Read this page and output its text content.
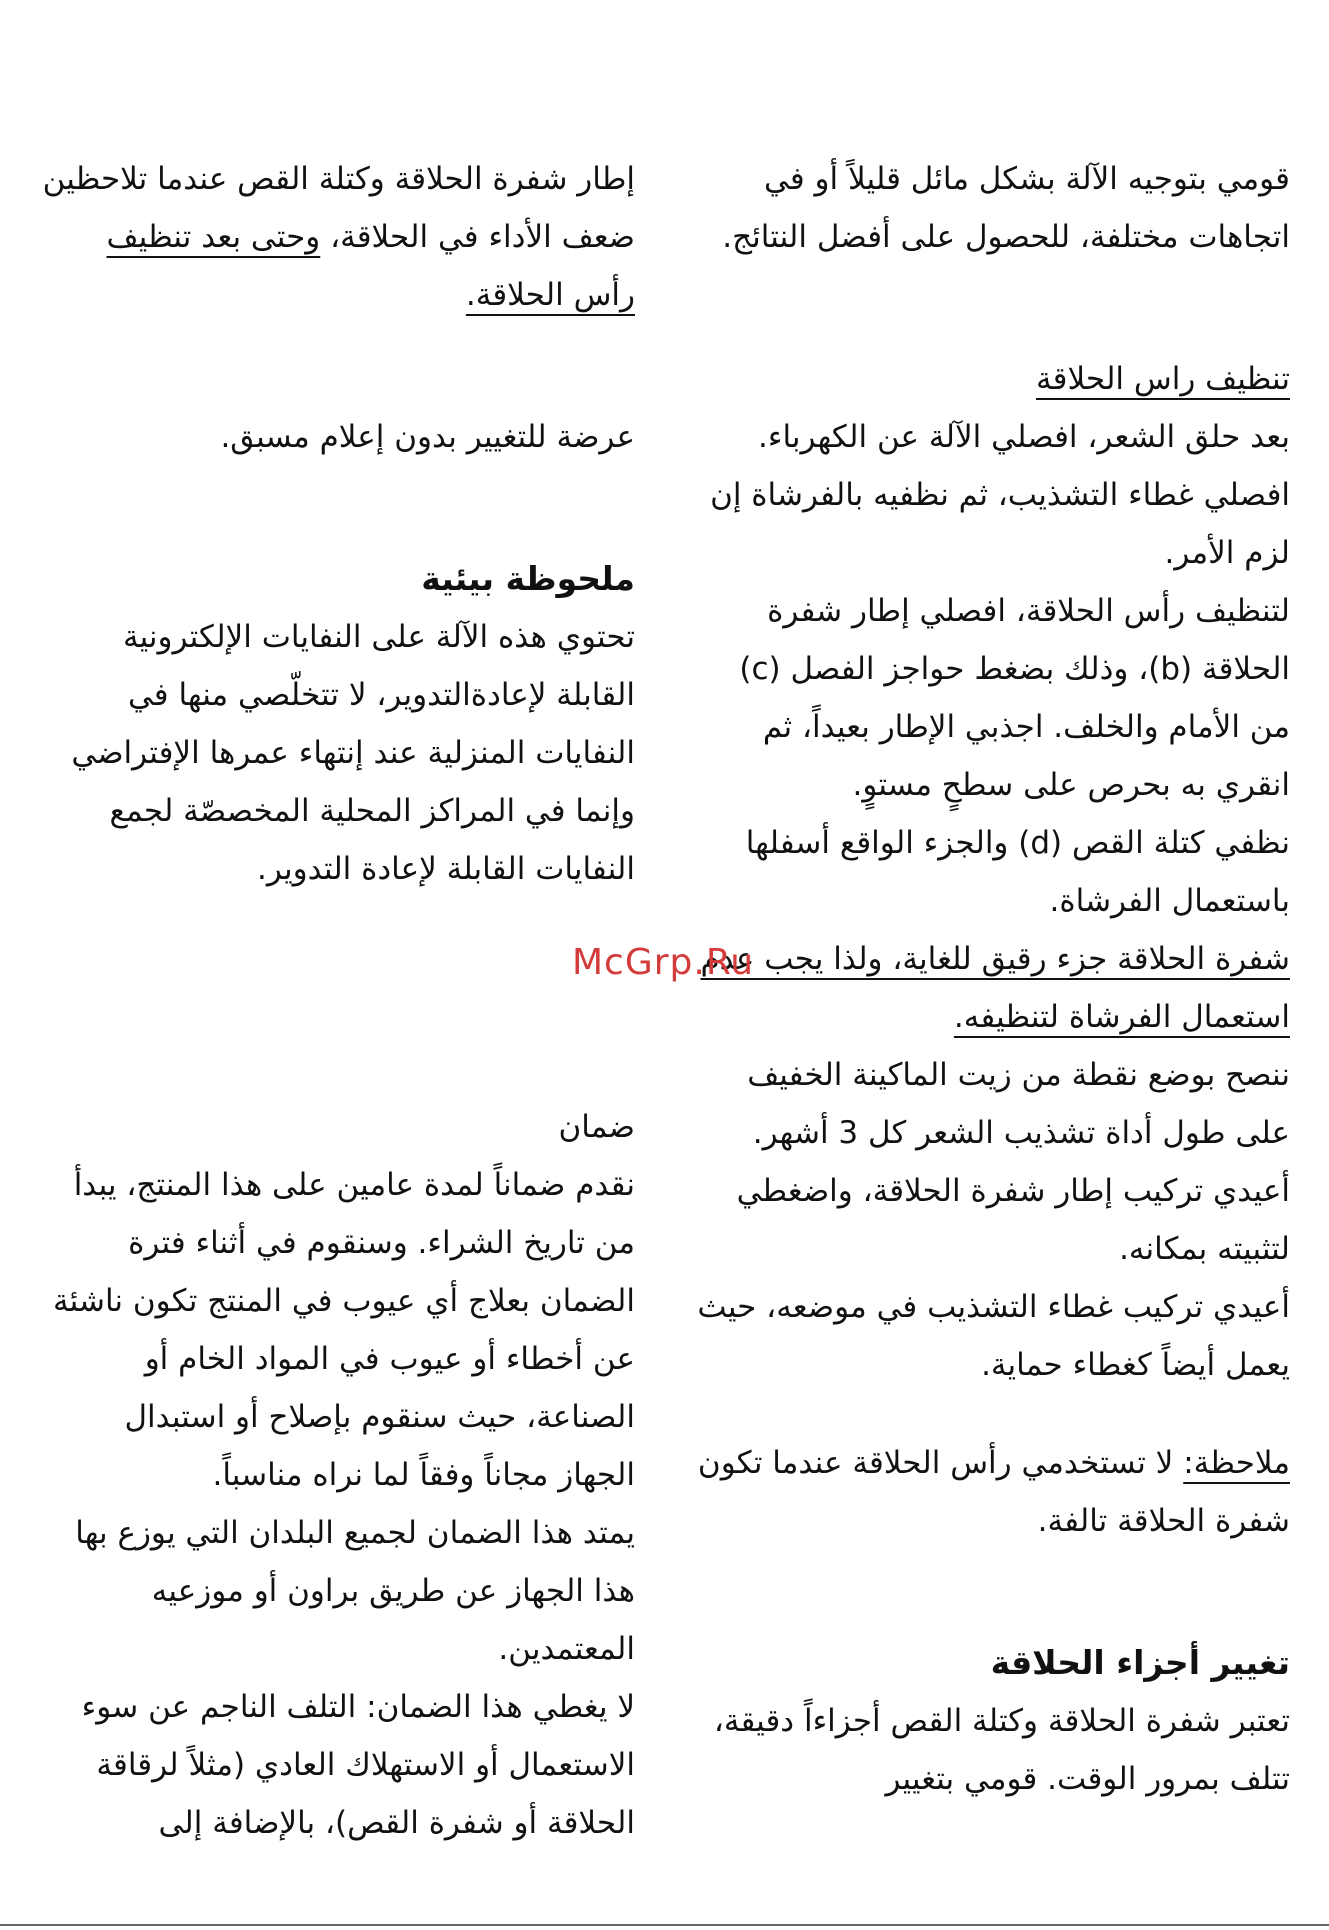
قومي بتوجيه الآلة بشكل مائل قليلاً أو في اتجاهات مختلفة، للحصول على أفضل النتائج.

تنظيف راس الحلاقة

بعد حلق الشعر، افصلي الآلة عن الكهرباء. افصلي غطاء التشذيب، ثم نظفيه بالفرشاة إن لزم الأمر.

لتنظيف رأس الحلاقة، افصلي إطار شفرة الحلاقة (b)، وذلك بضغط حواجز الفصل (c) من الأمام والخلف. اجذبي الإطار بعيداً، ثم انقري به بحرص على سطحٍ مستوٍ.

نظفي كتلة القص (d) والجزء الواقع أسفلها باستعمال الفرشاة.

شفرة الحلاقة جزء رقيق للغاية، ولذا يجب عدم استعمال الفرشاة لتنظيفه.

ننصح بوضع نقطة من زيت الماكينة الخفيف على طول أداة تشذيب الشعر كل 3 أشهر.

أعيدي تركيب إطار شفرة الحلاقة، واضغطي لتثبيته بمكانه.

أعيدي تركيب غطاء التشذيب في موضعه، حيث يعمل أيضاً كغطاء حماية.

ملاحظة: لا تستخدمي رأس الحلاقة عندما تكون شفرة الحلاقة تالفة.

تغيير أجزاء الحلاقة

تعتبر شفرة الحلاقة وكتلة القص أجزاءاً دقيقة، تتلف بمرور الوقت. قومي بتغيير

إطار شفرة الحلاقة وكتلة القص عندما تلاحظين ضعف الأداء في الحلاقة، وحتى بعد تنظيف رأس الحلاقة.

عرضة للتغيير بدون إعلام مسبق.

ملحوظة بيئية

تحتوي هذه الآلة على النفايات الإلكترونية القابلة لإعادةالتدوير، لا تتخلّصي منها في النفايات المنزلية عند إنتهاء عمرها الإفتراضي وإنما في المراكز المحلية المخصصّة لجمع النفايات القابلة لإعادة التدوير.

ضمان

نقدم ضماناً لمدة عامين على هذا المنتج، يبدأ من تاريخ الشراء. وسنقوم في أثناء فترة الضمان بعلاج أي عيوب في المنتج تكون ناشئة عن أخطاء أو عيوب في المواد الخام أو الصناعة، حيث سنقوم بإصلاح أو استبدال الجهاز مجاناً وفقاً لما نراه مناسباً.

يمتد هذا الضمان لجميع البلدان التي يوزع بها هذا الجهاز عن طريق براون أو موزعيه المعتمدين.

لا يغطي هذا الضمان: التلف الناجم عن سوء الاستعمال أو الاستهلاك العادي (مثلاً لرقاقة الحلاقة أو شفرة القص)، بالإضافة إلى

McGrp.Ru
